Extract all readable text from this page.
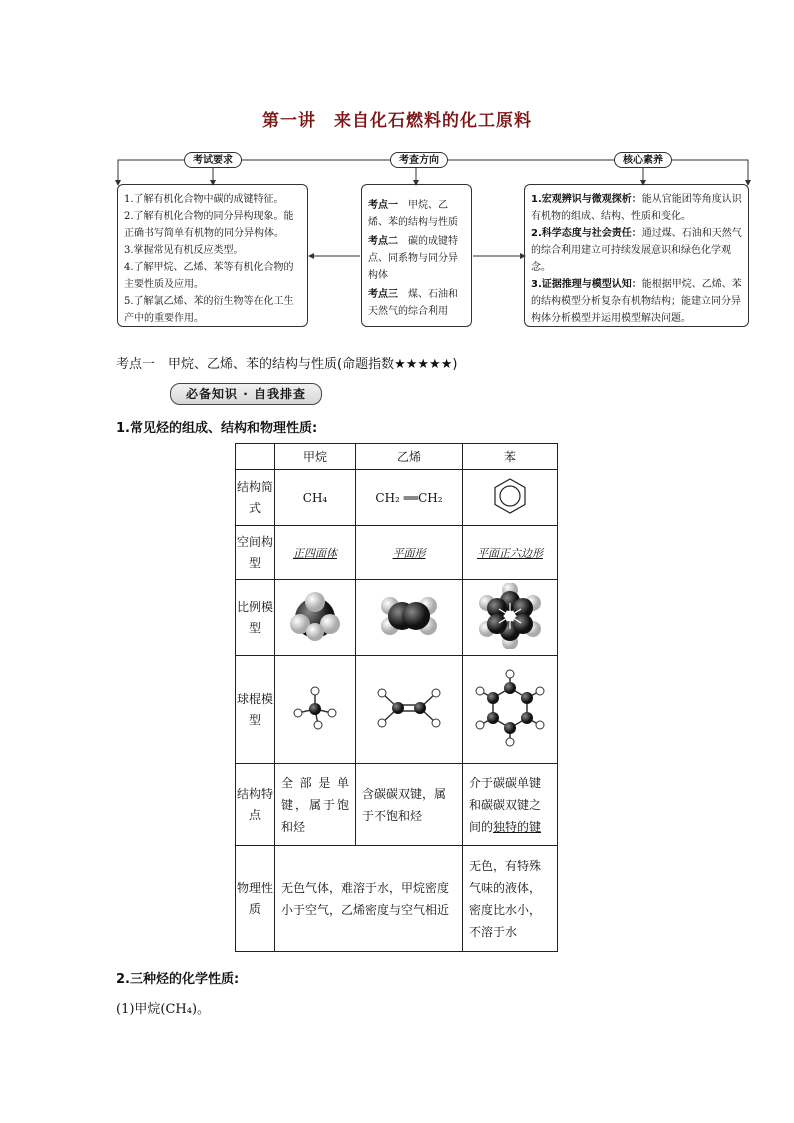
第一讲　来自化石燃料的化工原料
考试要求	考查方向	核心素养
1.了解有机化合物中碳的成键特征。
2.了解有机化合物的同分异构现象。能正确书写简单有机物的同分异构体。
3.掌握常见有机反应类型。
4.了解甲烷、乙烯、苯等有机化合物的主要性质及应用。
5.了解氯乙烯、苯的衍生物等在化工生产中的重要作用。
考点一　 甲烷、乙烯、苯的结构与性质
考点二　 碳的成键特点、同系物与同分异构体
考点三　 煤、石油和天然气的综合利用
1.宏观辨识与微观探析：能从官能团等角度认识有机物的组成、结构、性质和变化。
2.科学态度与社会责任：通过煤、石油和天然气的综合利用建立可持续发展意识和绿色化学观念。
3.证据推理与模型认知：能根据甲烷、乙烯、苯的结构模型分析复杂有机物结构；能建立同分异构体分析模型并运用模型解决问题。
考点一　甲烷、乙烯、苯的结构与性质(命题指数★★★★★)
必备知识 · 自我排查
1.常见烃的组成、结构和物理性质:
	甲烷	乙烯	苯
结构简式	CH₄	CH₂ ══CH₂	
空间构型	正四面体	平面形	平面正六边形
比例模型			
球棍模型			
结构特点	全部是单键，属于饱和烃	含碳碳双键，属于不饱和烃	介于碳碳单键和碳碳双键之间的独特的键
物理性质	无色气体，难溶于水，甲烷密度小于空气，乙烯密度与空气相近		无色，有特殊气味的液体，密度比水小，不溶于水
2.三种烃的化学性质:
(1)甲烷(CH₄)。
